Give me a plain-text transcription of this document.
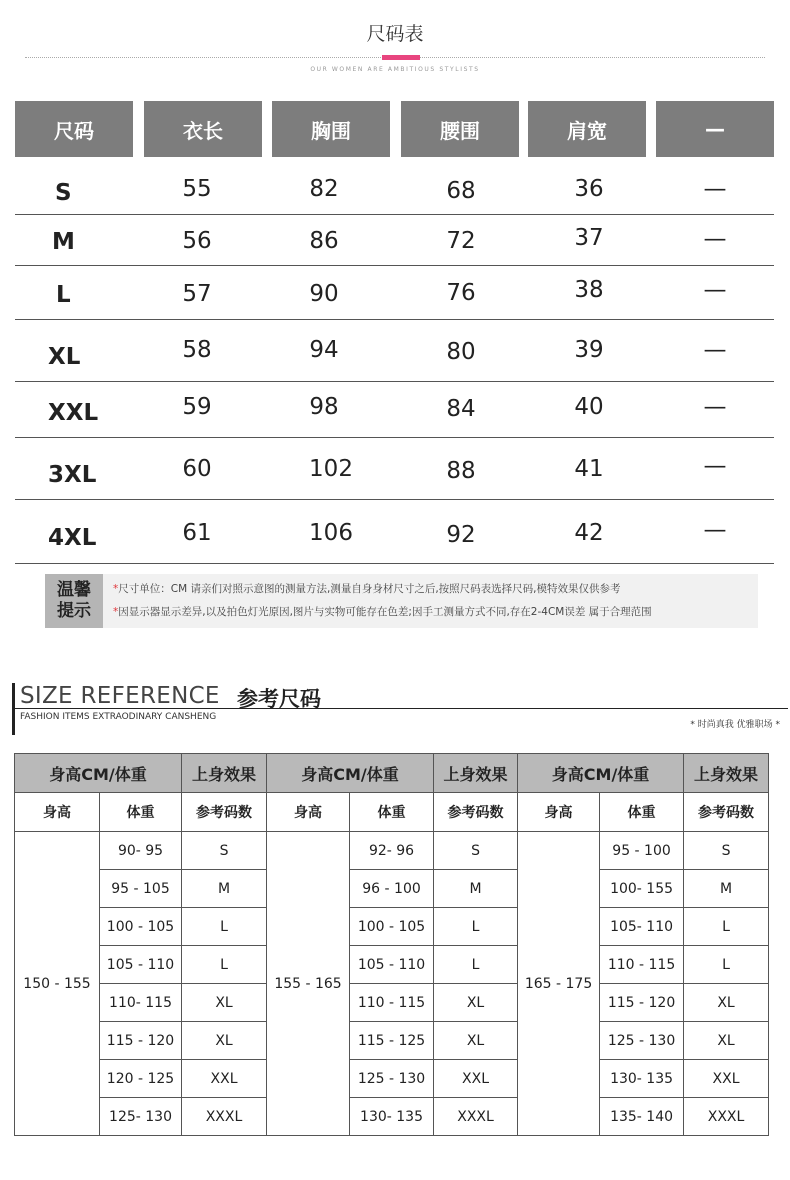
尺码表
OUR WOMEN ARE AMBITIOUS STYLISTS
尺码	衣长	胸围	腰围	肩宽	—
S	55	82	68	36	—
M	56	86	72	37	—
L	57	90	76	38	—
XL	58	94	80	39	—
XXL	59	98	84	40	—
3XL	60	102	88	41	—
4XL	61	106	92	42	—
温馨
提示
*尺寸单位：CM 请亲们对照示意图的测量方法,测量自身身材尺寸之后,按照尺码表选择尺码,模特效果仅供参考
*因显示器显示差异,以及拍色灯光原因,图片与实物可能存在色差;因手工测量方式不同,存在2-4CM误差 属于合理范围
SIZE REFERENCE 参考尺码
FASHION ITEMS EXTRAODINARY CANSHENG
* 时尚真我 优雅职场 *
身高CM/体重		上身效果	身高CM/体重		上身效果	身高CM/体重		上身效果
身高	体重	参考码数	身高	体重	参考码数	身高	体重	参考码数
150 - 155	90- 95	S	155 - 165	92- 96	S	165 - 175	95 - 100	S
	95 - 105	M		96 - 100	M		100- 155	M
	100 - 105	L		100 - 105	L		105- 110	L
	105 - 110	L		105 - 110	L		110 - 115	L
	110- 115	XL		110 - 115	XL		115 - 120	XL
	115 - 120	XL		115 - 125	XL		125 - 130	XL
	120 - 125	XXL		125 - 130	XXL		130- 135	XXL
	125- 130	XXXL		130- 135	XXXL		135- 140	XXXL
